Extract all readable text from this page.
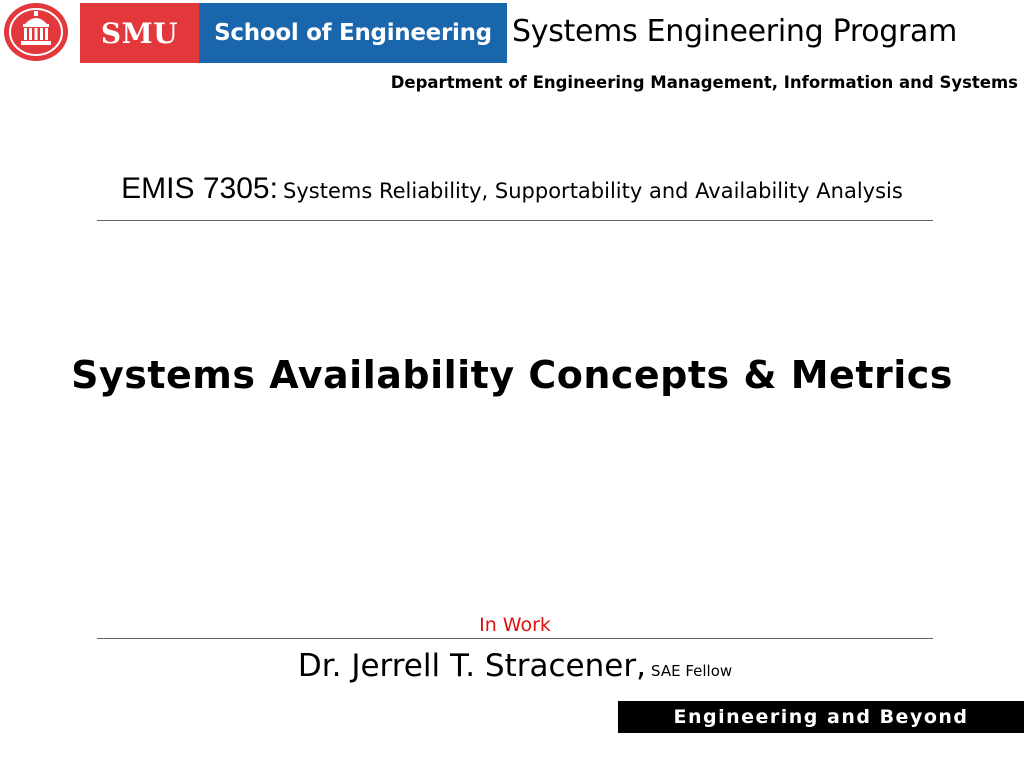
SMU	School of Engineering Systems Engineering Program
Department of Engineering Management, Information and Systems
EMIS 7305: Systems Reliability, Supportability and Availability Analysis
Systems Availability Concepts & Metrics
In Work
Dr. Jerrell T. Stracener, SAE Fellow
Engineering and Beyond
